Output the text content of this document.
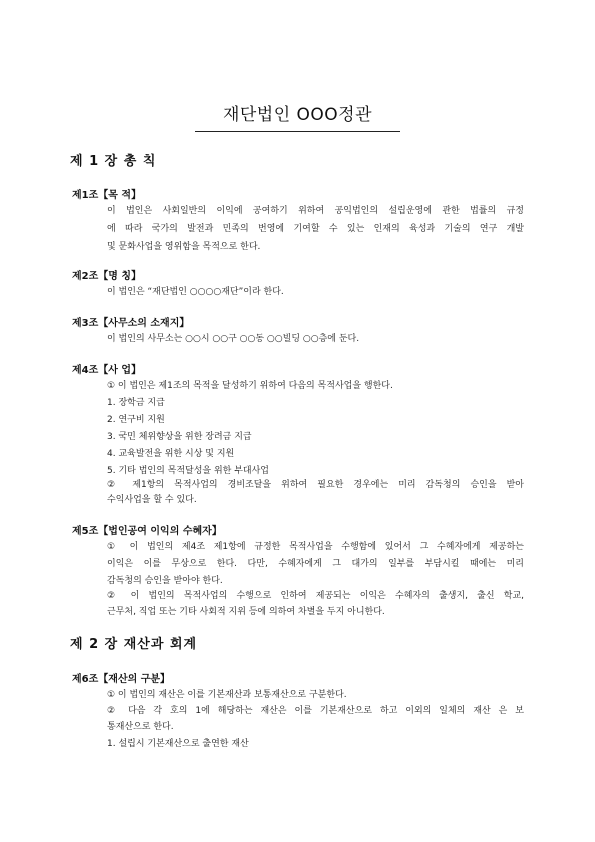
재단법인 OOO정관
제 1 장 총 칙
제1조【목 적】
이 법인은 사회일반의 이익에 공여하기 위하여 공익법인의 설립운영에 관한 법률의 규정
에 따라 국가의 발전과 민족의 번영에 기여할 수 있는 인재의 육성과 기술의 연구 개발
및 문화사업을 영위함을 목적으로 한다.
제2조【명 칭】
이 법인은 “재단법인 ○○○○재단”이라 한다.
제3조【사무소의 소재지】
이 법인의 사무소는 ○○시 ○○구 ○○동 ○○빌딩 ○○층에 둔다.
제4조【사 업】
① 이 법인은 제1조의 목적을 달성하기 위하여 다음의 목적사업을 행한다.
1. 장학금 지급
2. 연구비 지원
3. 국민 체위향상을 위한 장려금 지급
4. 교육발전을 위한 시상 및 지원
5. 기타 법인의 목적달성을 위한 부대사업
② 제1항의 목적사업의 경비조달을 위하여 필요한 경우에는 미리 감독청의 승인을 받아
수익사업을 할 수 있다.
제5조【법인공여 이익의 수혜자】
① 이 법인의 제4조 제1항에 규정한 목적사업을 수행함에 있어서 그 수혜자에게 제공하는
이익은 이를 무상으로 한다. 다만, 수혜자에게 그 대가의 일부를 부담시킬 때에는 미리
감독청의 승인을 받아야 한다.
② 이 법인의 목적사업의 수행으로 인하여 제공되는 이익은 수혜자의 출생지, 출신 학교,
근무처, 직업 또는 기타 사회적 지위 등에 의하여 차별을 두지 아니한다.
제 2 장 재산과 회계
제6조【재산의 구분】
① 이 법인의 재산은 이를 기본재산과 보통재산으로 구분한다.
② 다음 각 호의 1에 해당하는 재산은 이를 기본재산으로 하고 이외의 일체의 재산 은 보
통재산으로 한다.
1. 설립시 기본재산으로 출연한 재산
